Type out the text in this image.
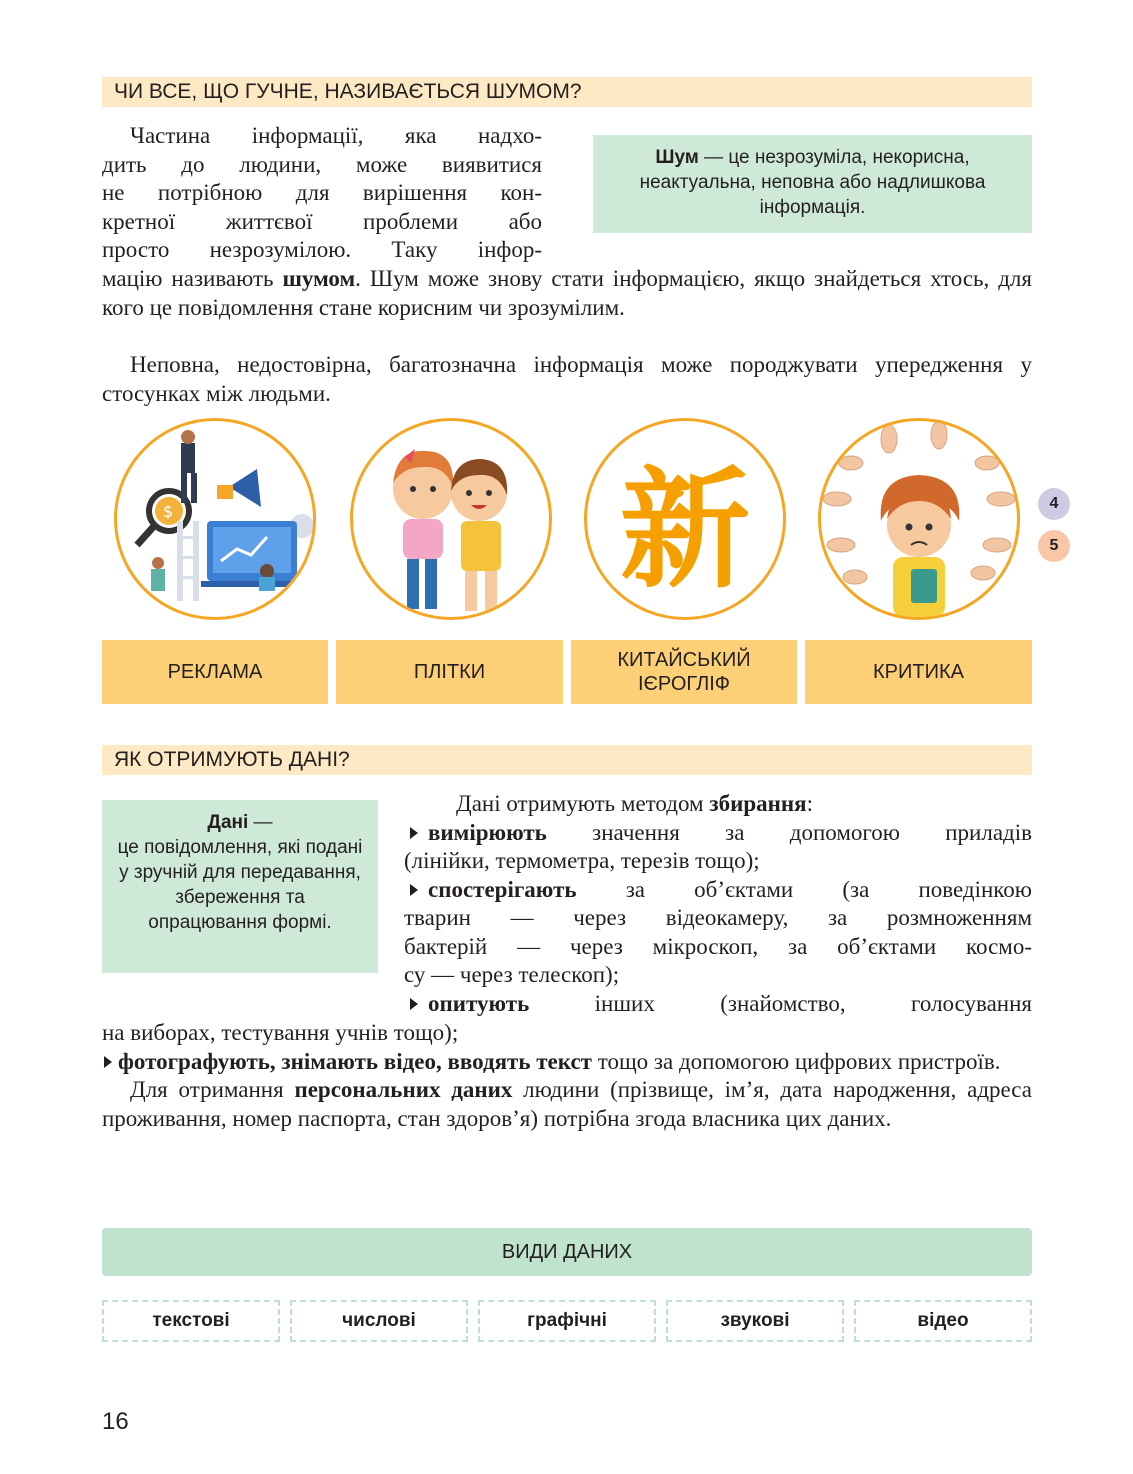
ЧИ ВСЕ, ЩО ГУЧНЕ, НАЗИВАЄТЬСЯ ШУМОМ?
Частина інформації, яка надхо-
дить до людини, може виявитися
не потрібною для вирішення кон-
кретної життєвої проблеми або
просто незрозумілою. Таку інфор-

мацію називають шумом. Шум може знову стати інформацією, якщо знайдеться хтось, для кого це повідомлення стане корисним чи зрозумілим.

Неповна, недостовірна, багатозначна інформація може породжувати упередження у стосунках між людьми.

Шум — це незрозуміла, некорисна, неактуальна, неповна або надлишкова інформація.
$	新	4
5
РЕКЛАМА	ПЛІТКИ
КИТАЙСЬКИЙ ІЄРОГЛІФ
КРИТИКА
ЯК ОТРИМУЮТЬ ДАНІ?
Дані —
це повідомлення, які подані у зручній для передавання, збереження та опрацювання формі.
Дані отримують методом збирання:
вимірюють значення за допомогою приладів
(лінійки, термометра, терезів тощо);
спостерігають за об’єктами (за поведінкою
тварин — через відеокамеру, за розмноженням
бактерій — через мікроскоп, за об’єктами космо-
су — через телескоп);
опитують інших (знайомство, голосування
на виборах, тестування учнів тощо);
фотографують, знімають відео, вводять текст тощо за допомогою цифрових пристроїв.
Для отримання персональних даних людини (прізвище, ім’я, дата народження, адреса проживання, номер паспорта, стан здоров’я) потрібна згода власника цих даних.
ВИДИ ДАНИХ
текстові	числові	графічні	звукові	відео
16
